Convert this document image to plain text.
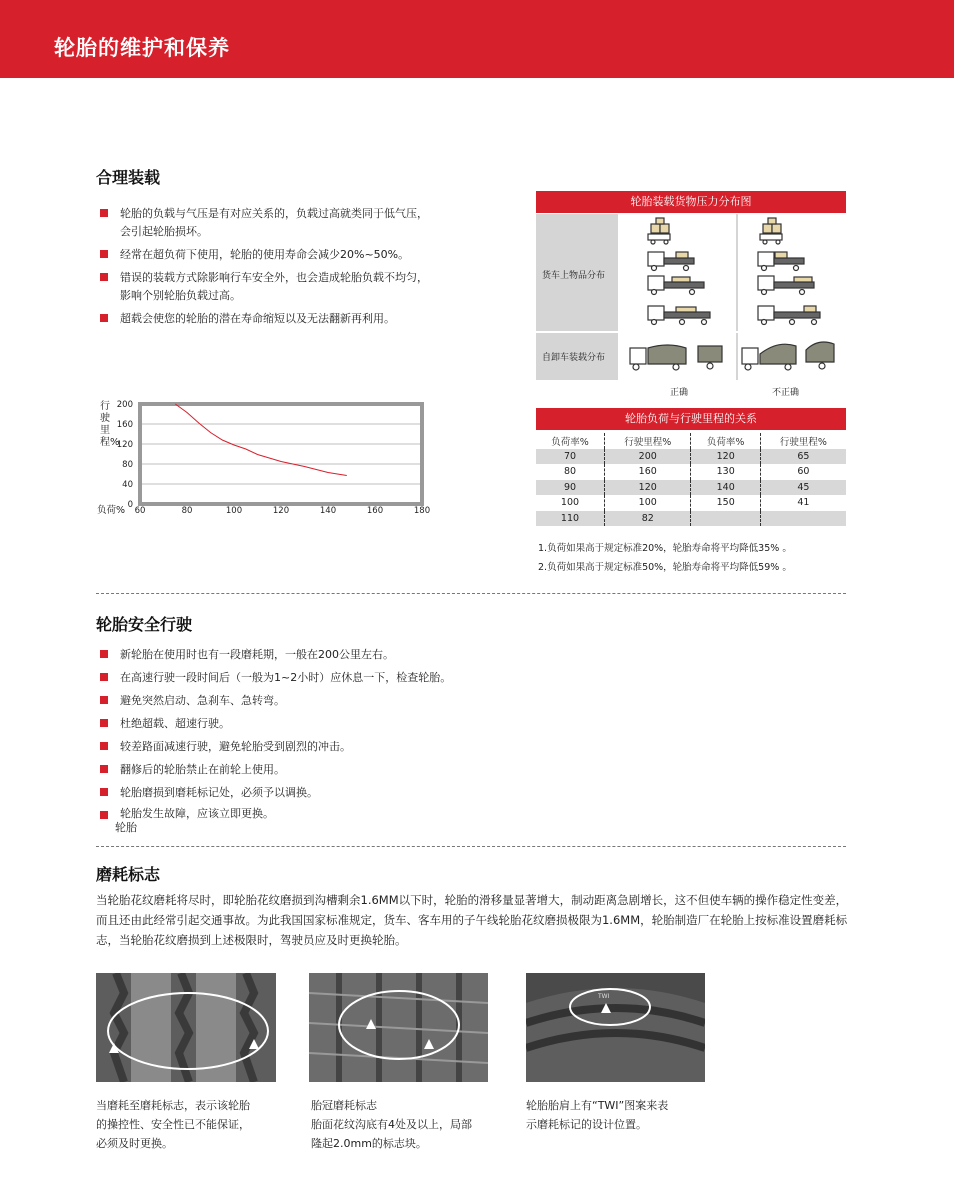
轮胎的维护和保养
合理装载
轮胎的负载与气压是有对应关系的，负载过高就类同于低气压，
会引起轮胎损坏。
经常在超负荷下使用，轮胎的使用寿命会减少20%~50%。
错误的装载方式除影响行车安全外，也会造成轮胎负载不均匀，
影响个别轮胎负载过高。
超载会使您的轮胎的潜在寿命缩短以及无法翻新再利用。
0
40
80
120
160
200
60	80	100	120	140	160	180
负荷%
行驶里程%
轮胎装载货物压力分布图
货车上物品分布
自卸车装载分布
正确	不正确
轮胎负荷与行驶里程的关系
负荷率%	行驶里程%	负荷率%	行驶里程%
70	200	120	65
80	160	130	60
90	120	140	45
100	100	150	41
110	82		
1.负荷如果高于规定标准20%，轮胎寿命将平均降低35% 。
2.负荷如果高于规定标准50%，轮胎寿命将平均降低59% 。
轮胎安全行驶
新轮胎在使用时也有一段磨耗期，一般在200公里左右。
在高速行驶一段时间后（一般为1~2小时）应休息一下，检查轮胎。
避免突然启动、急刹车、急转弯。
杜绝超载、超速行驶。
较差路面减速行驶，避免轮胎受到剧烈的冲击。
翻修后的轮胎禁止在前轮上使用。
轮胎磨损到磨耗标记处，必须予以调换。
轮胎发生故障，应该立即更换。
轮胎
磨耗标志
当轮胎花纹磨耗将尽时，即轮胎花纹磨损到沟槽剩余1.6MM以下时，轮胎的滑移量显著增大，制动距离急剧增长，这不但使车辆的操作稳定性变差，而且还由此经常引起交通事故。为此我国国家标准规定，货车、客车用的子午线轮胎花纹磨损极限为1.6MM，轮胎制造厂在轮胎上按标准设置磨耗标志，当轮胎花纹磨损到上述极限时，驾驶员应及时更换轮胎。
TWI
当磨耗至磨耗标志，表示该轮胎
的操控性、安全性已不能保证，
必须及时更换。
胎冠磨耗标志
胎面花纹沟底有4处及以上，局部
隆起2.0mm的标志块。
轮胎胎肩上有“TWI”图案来表
示磨耗标记的设计位置。
